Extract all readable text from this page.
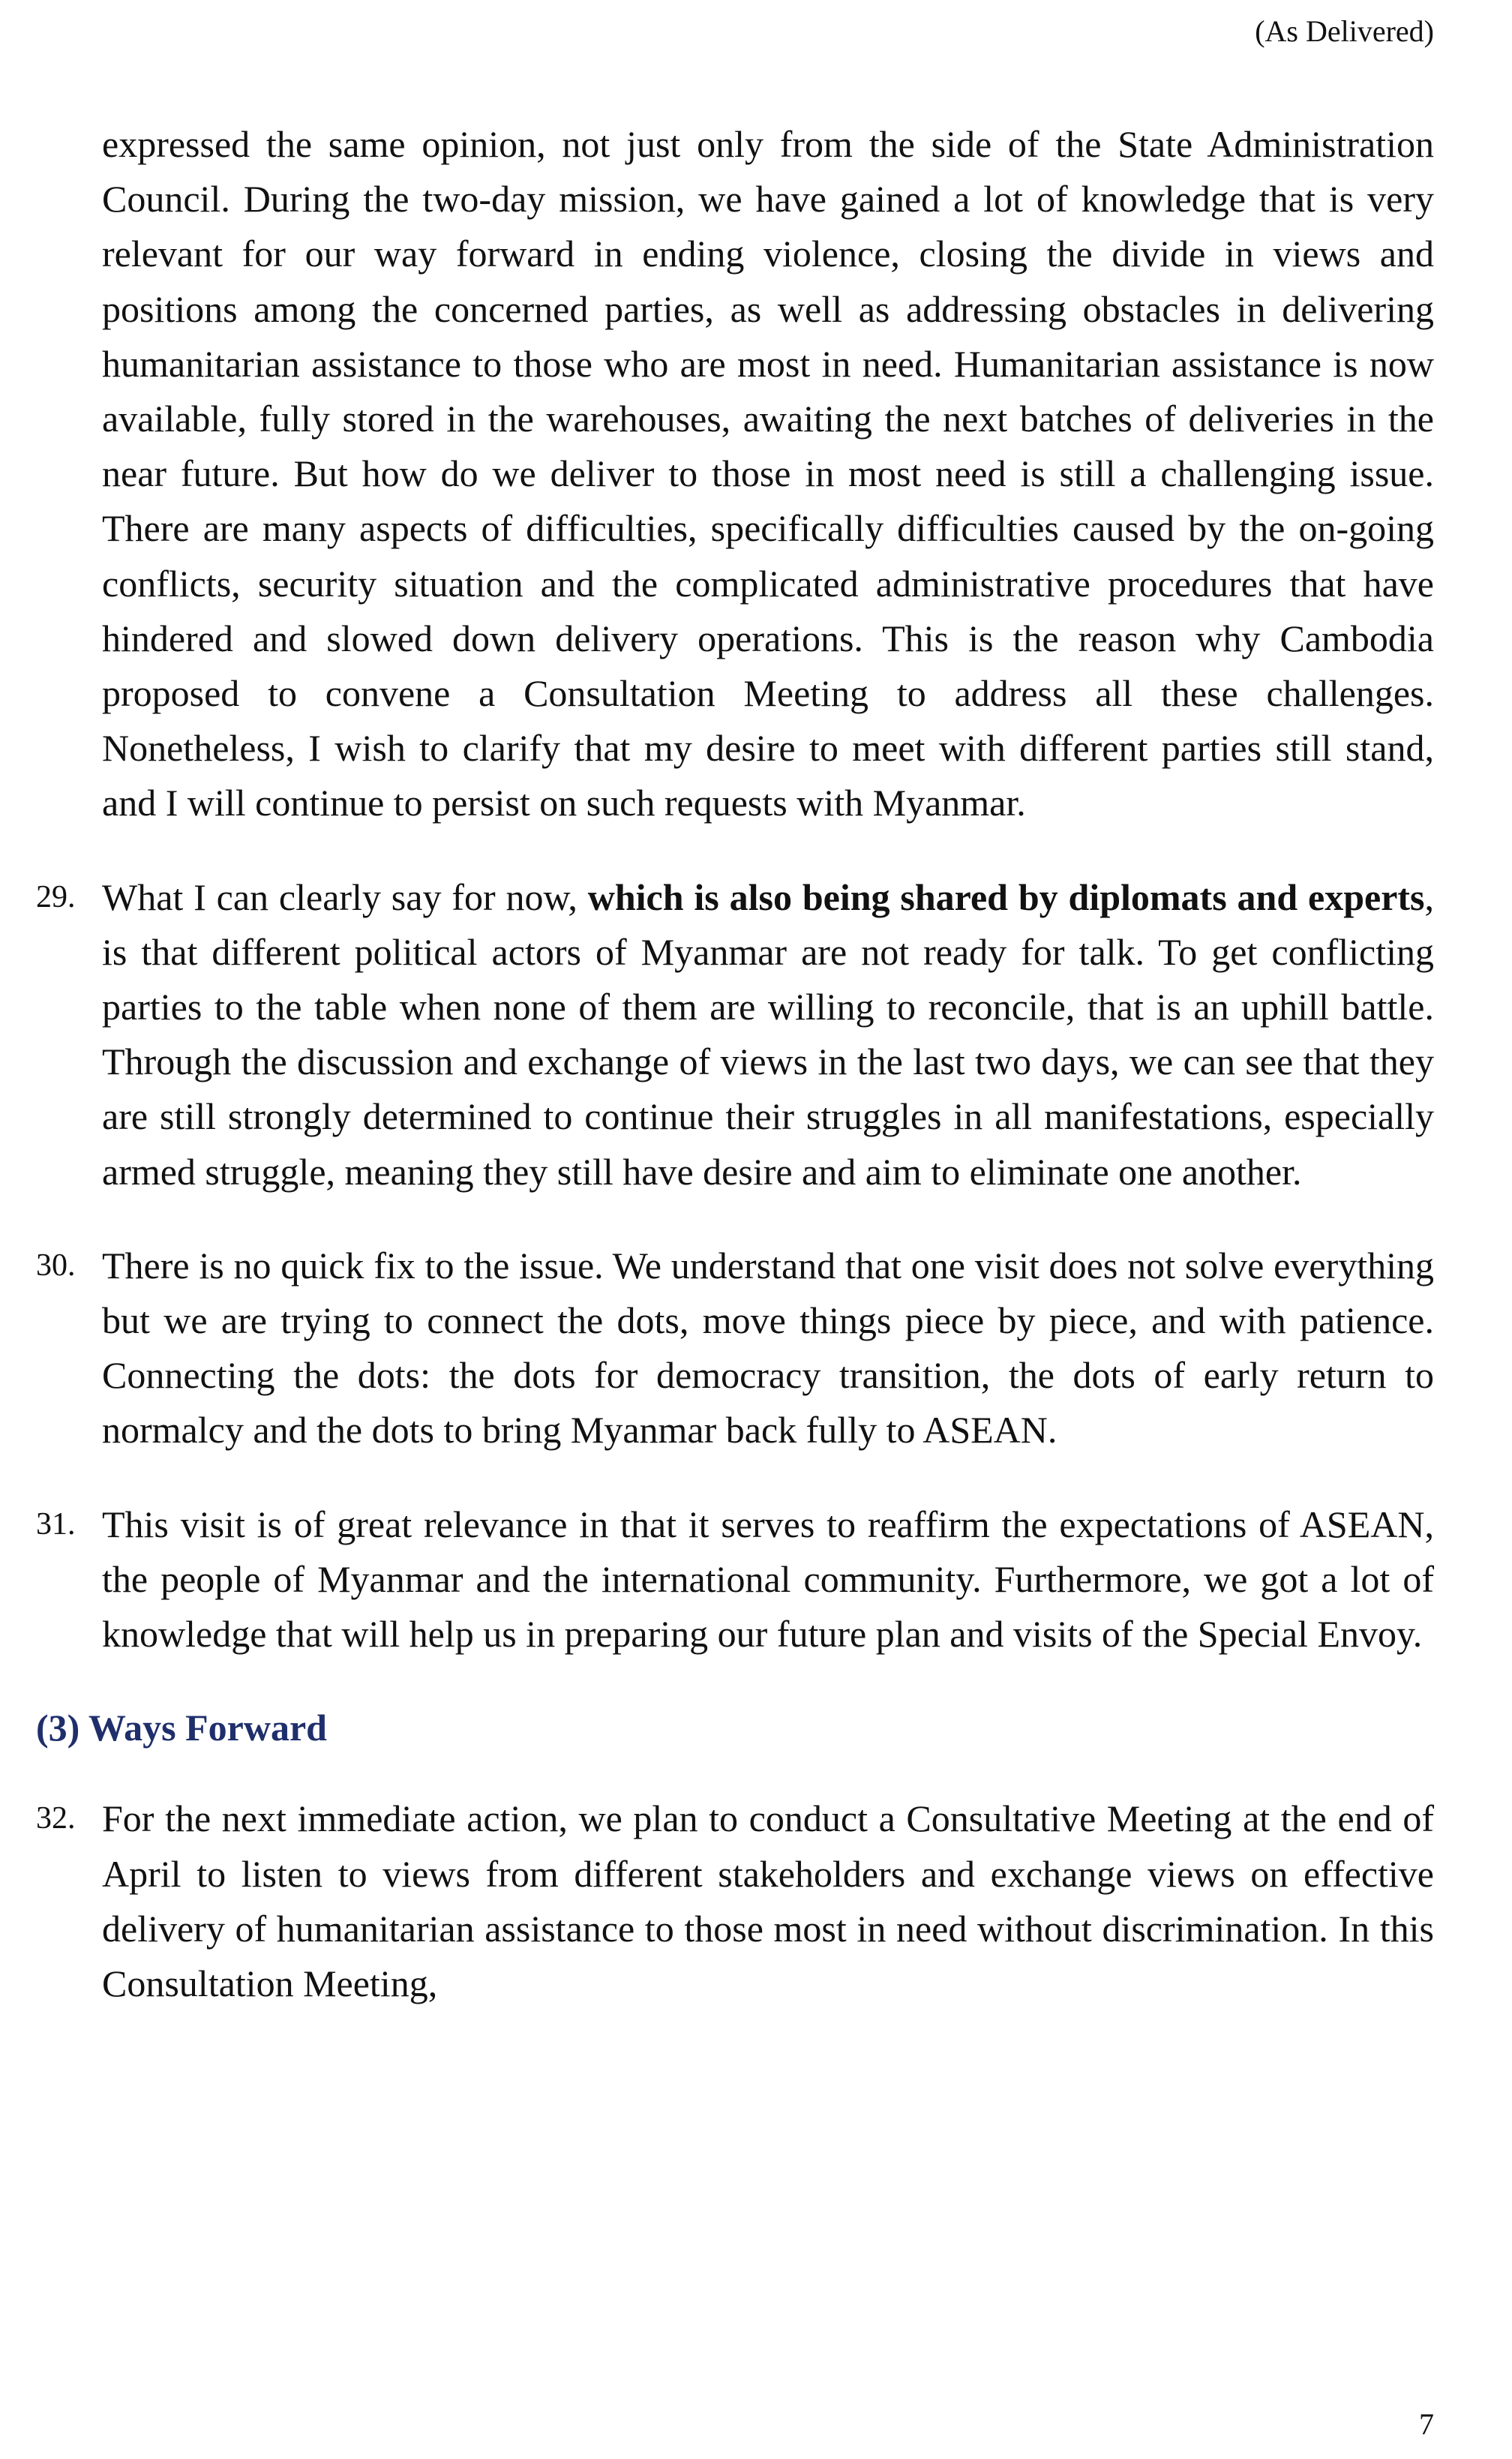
(As Delivered)

expressed the same opinion, not just only from the side of the State Administration Council. During the two-day mission, we have gained a lot of knowledge that is very relevant for our way forward in ending violence, closing the divide in views and positions among the concerned parties, as well as addressing obstacles in delivering humanitarian assistance to those who are most in need. Humanitarian assistance is now available, fully stored in the warehouses, awaiting the next batches of deliveries in the near future. But how do we deliver to those in most need is still a challenging issue. There are many aspects of difficulties, specifically difficulties caused by the on-going conflicts, security situation and the complicated administrative procedures that have hindered and slowed down delivery operations. This is the reason why Cambodia proposed to convene a Consultation Meeting to address all these challenges. Nonetheless, I wish to clarify that my desire to meet with different parties still stand, and I will continue to persist on such requests with Myanmar.

29. What I can clearly say for now, which is also being shared by diplomats and experts, is that different political actors of Myanmar are not ready for talk. To get conflicting parties to the table when none of them are willing to reconcile, that is an uphill battle. Through the discussion and exchange of views in the last two days, we can see that they are still strongly determined to continue their struggles in all manifestations, especially armed struggle, meaning they still have desire and aim to eliminate one another.

30. There is no quick fix to the issue. We understand that one visit does not solve everything but we are trying to connect the dots, move things piece by piece, and with patience. Connecting the dots: the dots for democracy transition, the dots of early return to normalcy and the dots to bring Myanmar back fully to ASEAN.

31. This visit is of great relevance in that it serves to reaffirm the expectations of ASEAN, the people of Myanmar and the international community. Furthermore, we got a lot of knowledge that will help us in preparing our future plan and visits of the Special Envoy.

(3) Ways Forward
32. For the next immediate action, we plan to conduct a Consultative Meeting at the end of April to listen to views from different stakeholders and exchange views on effective delivery of humanitarian assistance to those most in need without discrimination. In this Consultation Meeting,

7
